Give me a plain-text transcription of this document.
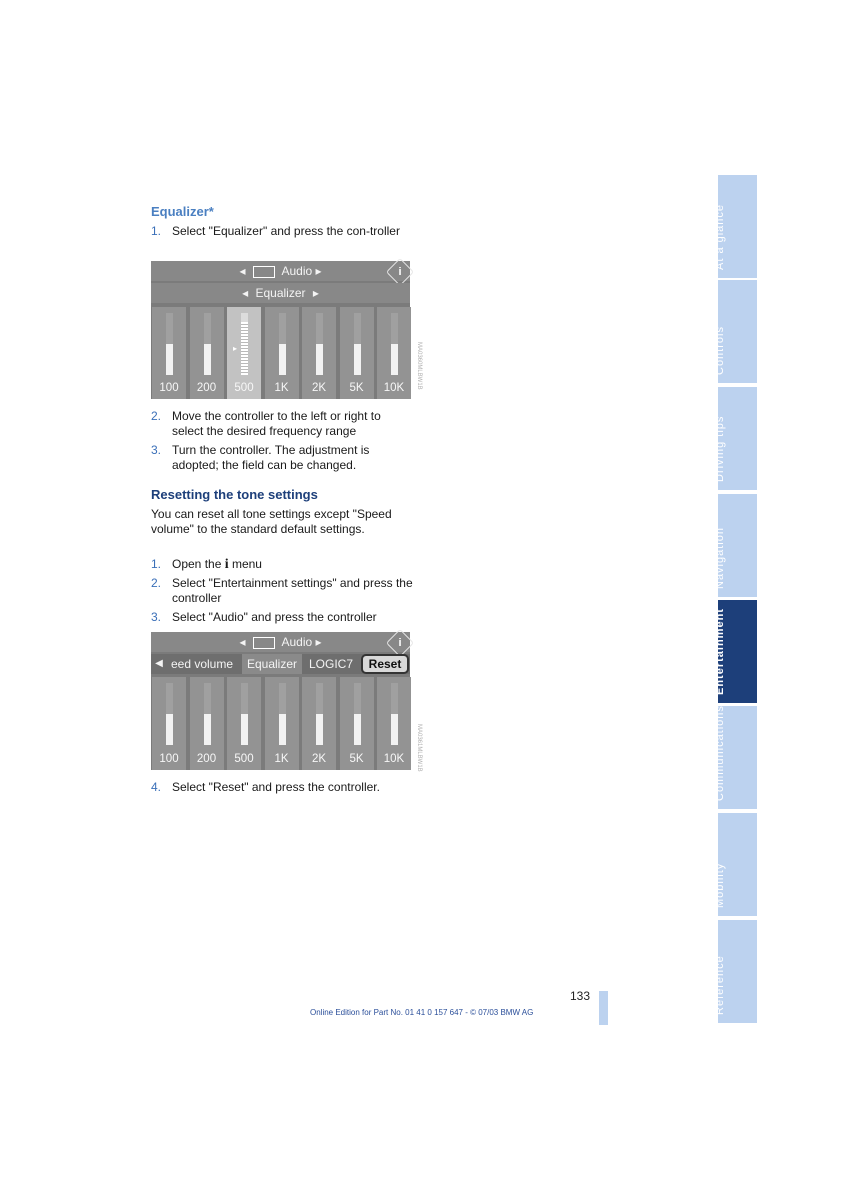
Equalizer*
1. Select "Equalizer" and press the con-troller
◂	Audio ▸	i
◂ Equalizer ▸
100	200
▸
500	1K	2K	5K	10K	MA0360MLBW1B
2. Move the controller to the left or right to select the desired frequency range
3. Turn the controller. The adjustment is adopted; the field can be changed.
Resetting the tone settings
You can reset all tone settings except "Speed volume" to the standard default settings.
1. Open the i menu
2. Select "Entertainment settings" and press the controller
3. Select "Audio" and press the controller
◂	Audio ▸	i
◀ eed volume	Equalizer LOGIC7	Reset
100	200	500	1K	2K	5K	10K	MA0361MLBW1B
4. Select "Reset" and press the controller.
At a glance
Controls
Driving tips
Navigation
Entertainment
Communications
Mobility
Reference
133
Online Edition for Part No. 01 41 0 157 647 - © 07/03 BMW AG
